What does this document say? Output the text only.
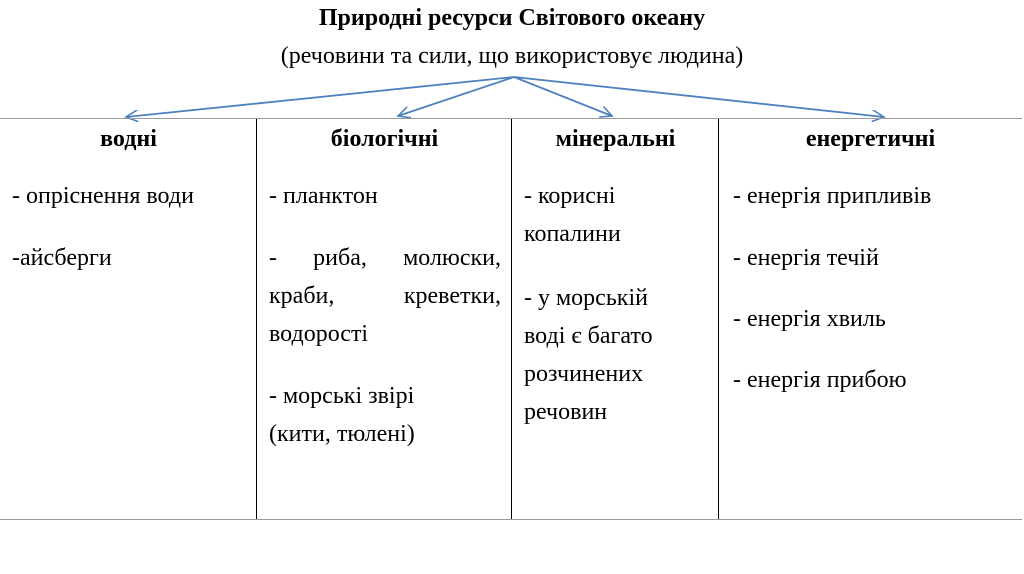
Природні ресурси Світового океану
(речовини та сили, що використовує людина)
водні
- опріснення води
-айсберги
біологічні
- планктон
- риба, молюски,
краби,	креветки,
водорості
- морські звірі
(кити, тюлені)
мінеральні
- корисні
копалини
- у морській
воді є багато
розчинених
речовин
енергетичні
- енергія припливів
- енергія течій
- енергія хвиль
- енергія прибою
